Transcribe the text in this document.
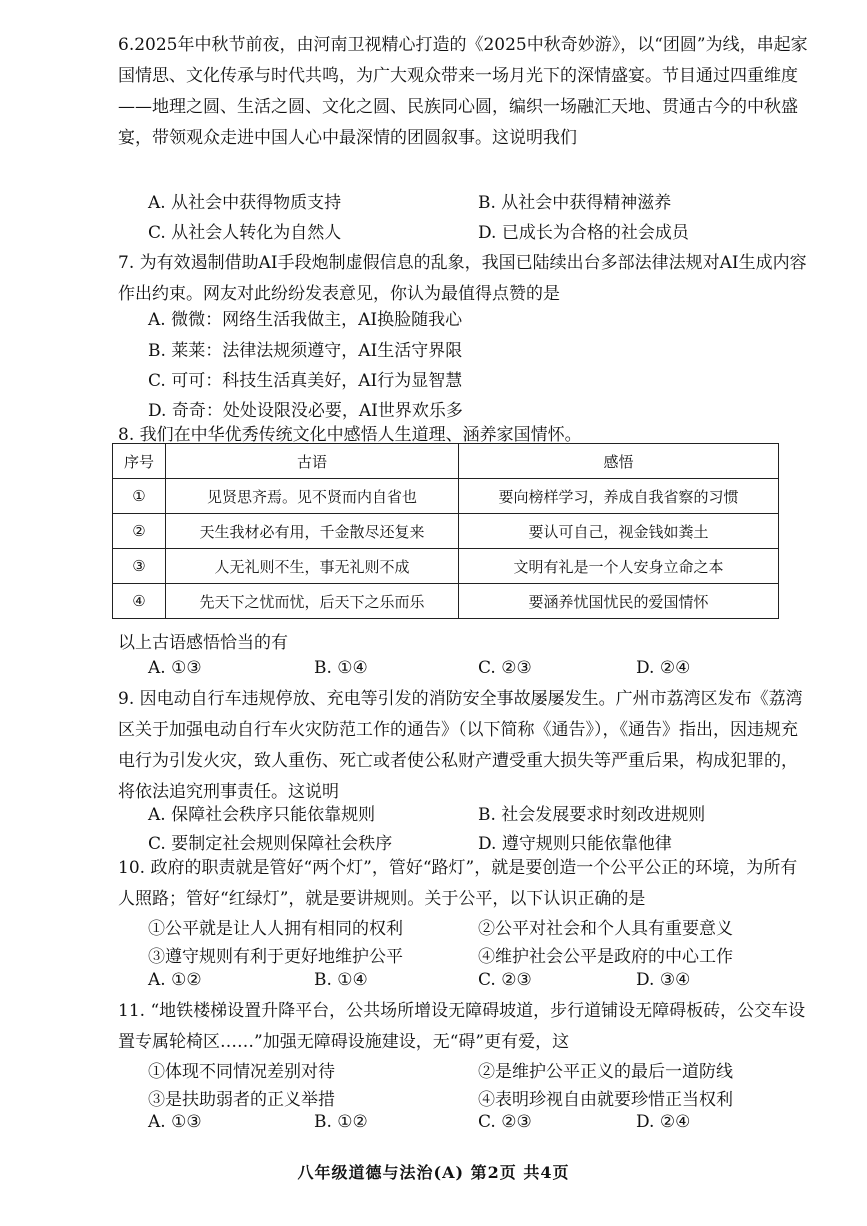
6.2025年中秋节前夜，由河南卫视精心打造的《2025中秋奇妙游》，以“团圆”为线，串起家国情思、文化传承与时代共鸣，为广大观众带来一场月光下的深情盛宴。节目通过四重维度——地理之圆、生活之圆、文化之圆、民族同心圆，编织一场融汇天地、贯通古今的中秋盛宴，带领观众走进中国人心中最深情的团圆叙事。这说明我们
A. 从社会中获得物质支持	B. 从社会中获得精神滋养
C. 从社会人转化为自然人	D. 已成长为合格的社会成员
7. 为有效遏制借助AI手段炮制虚假信息的乱象，我国已陆续出台多部法律法规对AI生成内容作出约束。网友对此纷纷发表意见，你认为最值得点赞的是
A. 微微：网络生活我做主，AI换脸随我心
B. 莱莱：法律法规须遵守，AI生活守界限
C. 可可：科技生活真美好，AI行为显智慧
D. 奇奇：处处设限没必要，AI世界欢乐多
8. 我们在中华优秀传统文化中感悟人生道理、涵养家国情怀。
序号	古语	感悟
①	见贤思齐焉。见不贤而内自省也	要向榜样学习，养成自我省察的习惯
②	天生我材必有用，千金散尽还复来	要认可自己，视金钱如粪土
③	人无礼则不生，事无礼则不成	文明有礼是一个人安身立命之本
④	先天下之忧而忧，后天下之乐而乐	要涵养忧国忧民的爱国情怀
以上古语感悟恰当的有
A. ①③	B. ①④	C. ②③	D. ②④
9. 因电动自行车违规停放、充电等引发的消防安全事故屡屡发生。广州市荔湾区发布《荔湾区关于加强电动自行车火灾防范工作的通告》（以下简称《通告》），《通告》指出，因违规充电行为引发火灾，致人重伤、死亡或者使公私财产遭受重大损失等严重后果，构成犯罪的，将依法追究刑事责任。这说明
A. 保障社会秩序只能依靠规则	B. 社会发展要求时刻改进规则
C. 要制定社会规则保障社会秩序	D. 遵守规则只能依靠他律
10. 政府的职责就是管好“两个灯”，管好“路灯”，就是要创造一个公平公正的环境，为所有人照路；管好“红绿灯”，就是要讲规则。关于公平，以下认识正确的是
①公平就是让人人拥有相同的权利	②公平对社会和个人具有重要意义
③遵守规则有利于更好地维护公平	④维护社会公平是政府的中心工作
A. ①②	B. ①④	C. ②③	D. ③④
11. “地铁楼梯设置升降平台，公共场所增设无障碍坡道，步行道铺设无障碍板砖，公交车设置专属轮椅区……”加强无障碍设施建设，无“碍”更有爱，这
①体现不同情况差别对待	②是维护公平正义的最后一道防线
③是扶助弱者的正义举措	④表明珍视自由就要珍惜正当权利
A. ①③	B. ①②	C. ②③	D. ②④
八年级道德与法治(A) 第2页 共4页
